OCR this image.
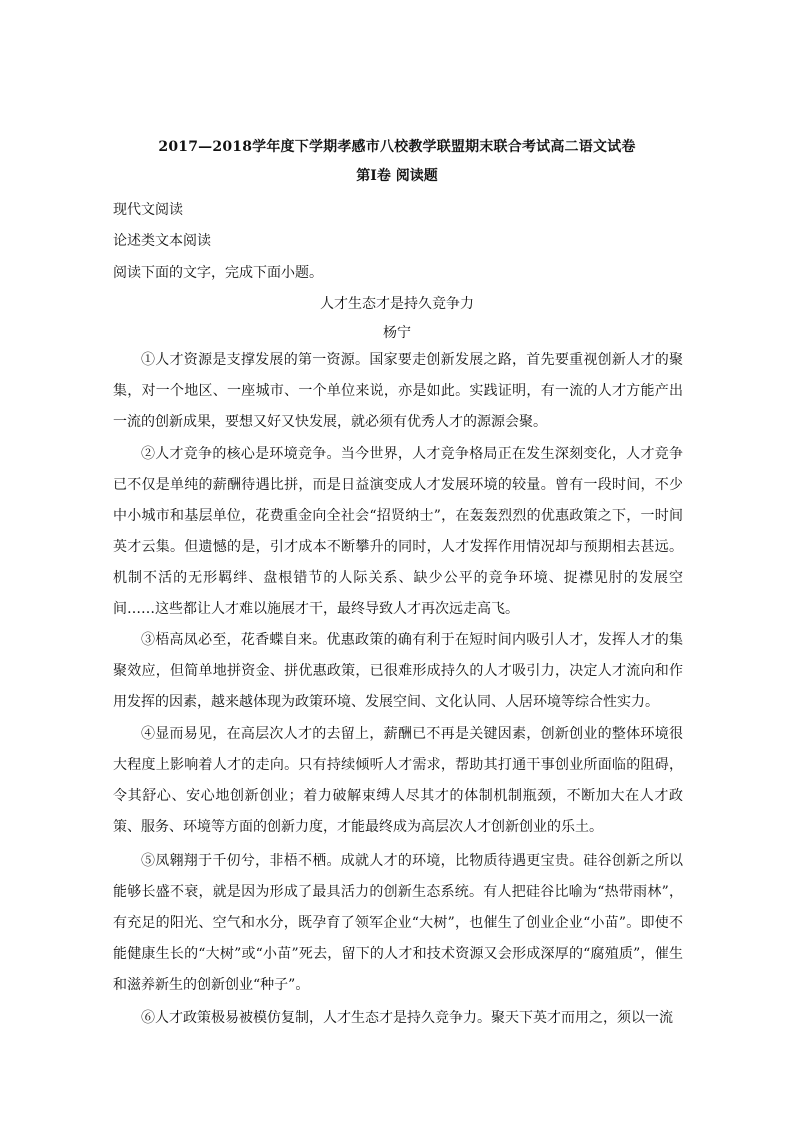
2017—2018学年度下学期孝感市八校教学联盟期末联合考试高二语文试卷
第Ⅰ卷 阅读题
现代文阅读
论述类文本阅读
阅读下面的文字，完成下面小题。
人才生态才是持久竞争力
杨宁
①人才资源是支撑发展的第一资源。国家要走创新发展之路，首先要重视创新人才的聚集，对一个地区、一座城市、一个单位来说，亦是如此。实践证明，有一流的人才方能产出一流的创新成果，要想又好又快发展，就必须有优秀人才的源源会聚。
②人才竞争的核心是环境竞争。当今世界，人才竞争格局正在发生深刻变化，人才竞争已不仅是单纯的薪酬待遇比拼，而是日益演变成人才发展环境的较量。曾有一段时间，不少中小城市和基层单位，花费重金向全社会“招贤纳士”，在轰轰烈烈的优惠政策之下，一时间英才云集。但遗憾的是，引才成本不断攀升的同时，人才发挥作用情况却与预期相去甚远。机制不活的无形羁绊、盘根错节的人际关系、缺少公平的竞争环境、捉襟见肘的发展空间……这些都让人才难以施展才干，最终导致人才再次远走高飞。
③梧高凤必至，花香蝶自来。优惠政策的确有利于在短时间内吸引人才，发挥人才的集聚效应，但简单地拼资金、拼优惠政策，已很难形成持久的人才吸引力，决定人才流向和作用发挥的因素，越来越体现为政策环境、发展空间、文化认同、人居环境等综合性实力。
④显而易见，在高层次人才的去留上，薪酬已不再是关键因素，创新创业的整体环境很大程度上影响着人才的走向。只有持续倾听人才需求，帮助其打通干事创业所面临的阻碍，令其舒心、安心地创新创业；着力破解束缚人尽其才的体制机制瓶颈，不断加大在人才政策、服务、环境等方面的创新力度，才能最终成为高层次人才创新创业的乐土。
⑤凤翱翔于千仞兮，非梧不栖。成就人才的环境，比物质待遇更宝贵。硅谷创新之所以能够长盛不衰，就是因为形成了最具活力的创新生态系统。有人把硅谷比喻为“热带雨林”，有充足的阳光、空气和水分，既孕育了领军企业“大树”，也催生了创业企业“小苗”。即使不能健康生长的“大树”或“小苗”死去，留下的人才和技术资源又会形成深厚的“腐殖质”，催生和滋养新生的创新创业“种子”。
⑥人才政策极易被模仿复制，人才生态才是持久竞争力。聚天下英才而用之，须以一流
